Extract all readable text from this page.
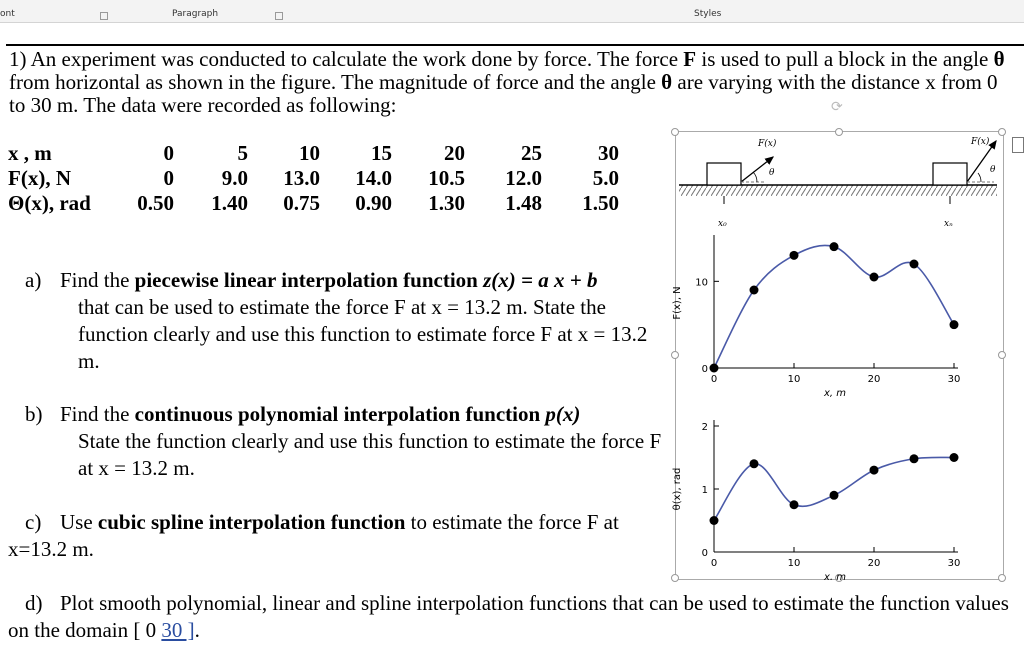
ont	Paragraph	Styles
1) An experiment was conducted to calculate the work done by force. The force F is used to pull a block in the angle θ from horizontal as shown in the figure. The magnitude of force and the angle θ are varying with the distance x from 0 to 30 m. The data were recorded as following:
x , m	0	5	10	15	20	25	30
F(x), N	0	9.0	13.0	14.0	10.5	12.0	5.0
Θ(x), rad	0.50	1.40	0.75	0.90	1.30	1.48	1.50
a) Find the piecewise linear interpolation function z(x) = a x + b
that can be used to estimate the force F at x = 13.2 m. State the function clearly and use this function to estimate force F at x = 13.2 m.
b) Find the continuous polynomial interpolation function p(x)
State the function clearly and use this function to estimate the force F at x = 13.2 m.
c) Use cubic spline interpolation function to estimate the force F at x=13.2 m.
d) Plot smooth polynomial, linear and spline interpolation functions that can be used to estimate the function values on the domain [ 0 30 ].
⟳
F(x)
θ
x₀
F(x)
θ
xₙ
0	10	20	30
0
10
x, m
F(x), N
0	10	20	30
0
1
2
x, m
θ(x), rad
